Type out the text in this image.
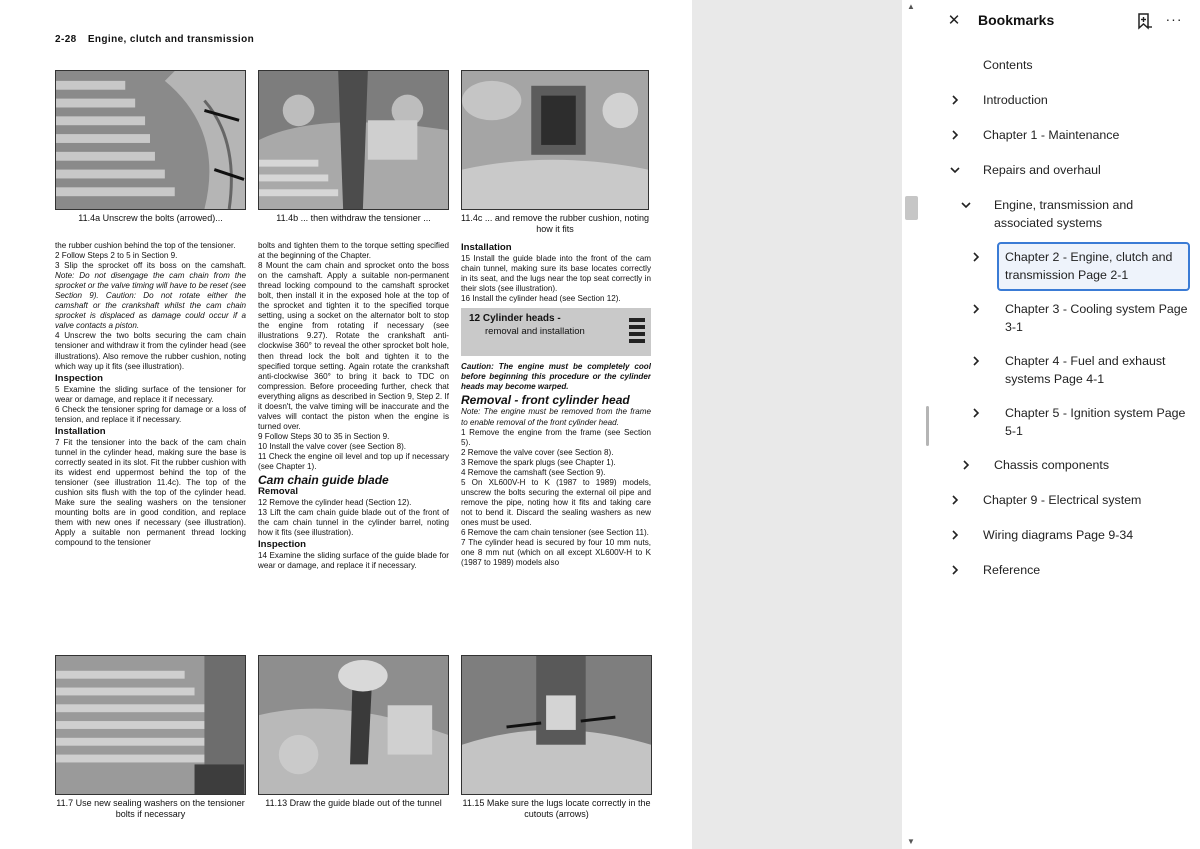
2-28 Engine, clutch and transmission
11.4a Unscrew the bolts (arrowed)...	11.4b ... then withdraw the tensioner ...	11.4c ... and remove the rubber cushion, noting how it fits

the rubber cushion behind the top of the tensioner.

2 Follow Steps 2 to 5 in Section 9.

3 Slip the sprocket off its boss on the camshaft. Note: Do not disengage the cam chain from the sprocket or the valve timing will have to be reset (see Section 9). Caution: Do not rotate either the camshaft or the crankshaft whilst the cam chain sprocket is displaced as damage could occur if a valve contacts a piston.

4 Unscrew the two bolts securing the cam chain tensioner and withdraw it from the cylinder head (see illustrations). Also remove the rubber cushion, noting which way up it fits (see illustration).

Inspection

5 Examine the sliding surface of the tensioner for wear or damage, and replace it if necessary.

6 Check the tensioner spring for damage or a loss of tension, and replace it if necessary.

Installation

7 Fit the tensioner into the back of the cam chain tunnel in the cylinder head, making sure the base is correctly seated in its slot. Fit the rubber cushion with its widest end uppermost behind the top of the tensioner (see illustration 11.4c). The top of the cushion sits flush with the top of the cylinder head. Make sure the sealing washers on the tensioner mounting bolts are in good condition, and replace them with new ones if necessary (see illustration). Apply a suitable non permanent thread locking compound to the tensioner

bolts and tighten them to the torque setting specified at the beginning of the Chapter.

8 Mount the cam chain and sprocket onto the boss on the camshaft. Apply a suitable non-permanent thread locking compound to the camshaft sprocket bolt, then install it in the exposed hole at the top of the sprocket and tighten it to the specified torque setting, using a socket on the alternator bolt to stop the engine from rotating if necessary (see illustrations 9.27). Rotate the crankshaft anti-clockwise 360° to reveal the other sprocket bolt hole, then thread lock the bolt and tighten it to the specified torque setting. Again rotate the crankshaft anti-clockwise 360° to bring it back to TDC on compression. Before proceeding further, check that everything aligns as described in Section 9, Step 2. If it doesn't, the valve timing will be inaccurate and the valves will contact the piston when the engine is turned over.

9 Follow Steps 30 to 35 in Section 9.

10 Install the valve cover (see Section 8).

11 Check the engine oil level and top up if necessary (see Chapter 1).

Cam chain guide blade
Removal

12 Remove the cylinder head (Section 12).

13 Lift the cam chain guide blade out of the front of the cam chain tunnel in the cylinder barrel, noting how it fits (see illustration).

Inspection

14 Examine the sliding surface of the guide blade for wear or damage, and replace it if necessary.

Installation

15 Install the guide blade into the front of the cam chain tunnel, making sure its base locates correctly in its seat, and the lugs near the top seat correctly in their slots (see illustration).

16 Install the cylinder head (see Section 12).

12 Cylinder heads -
removal and installation

Caution: The engine must be completely cool before beginning this procedure or the cylinder heads may become warped.

Removal - front cylinder head

Note: The engine must be removed from the frame to enable removal of the front cylinder head.

1 Remove the engine from the frame (see Section 5).

2 Remove the valve cover (see Section 8).

3 Remove the spark plugs (see Chapter 1).

4 Remove the camshaft (see Section 9).

5 On XL600V-H to K (1987 to 1989) models, unscrew the bolts securing the external oil pipe and remove the pipe, noting how it fits and taking care not to bend it. Discard the sealing washers as new ones must be used.

6 Remove the cam chain tensioner (see Section 11).

7 The cylinder head is secured by four 10 mm nuts, one 8 mm nut (which on all except XL600V-H to K (1987 to 1989) models also

11.7 Use new sealing washers on the tensioner bolts if necessary
11.13 Draw the guide blade out of the tunnel	11.15 Make sure the lugs locate correctly in the cutouts (arrows)
▲
▼
✕ Bookmarks	···
Contents
Introduction
Chapter 1 - Maintenance
Repairs and overhaul
Engine, transmission and
associated systems
Chapter 2 - Engine, clutch and
transmission Page 2-1
Chapter 3 - Cooling system Page
3-1
Chapter 4 - Fuel and exhaust
systems Page 4-1
Chapter 5 - Ignition system Page
5-1
Chassis components
Chapter 9 - Electrical system
Wiring diagrams Page 9-34
Reference
